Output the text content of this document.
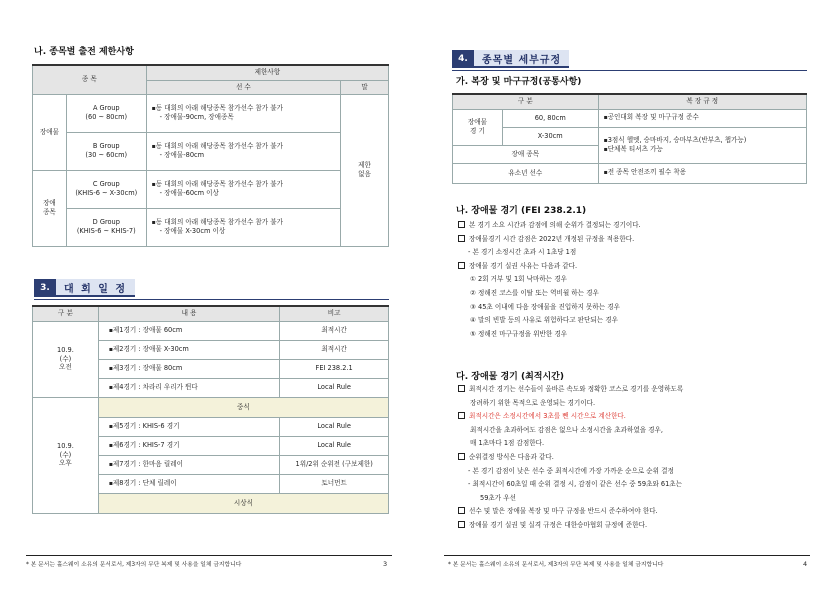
나. 종목별 출전 제한사항
종 목		제한사항	
		선 수	말
장애물	A Group
(60 ~ 80cm)	▪ 동 대회의 아래 해당종목 참가선수 참가 불가
- 장애물-90cm, 장애종목	제한
없음

	B Group
(30 ~ 60cm)	▪ 동 대회의 아래 해당종목 참가선수 참가 불가
- 장애물-80cm

장애
종목	C Group
(KHIS-6 ~ X-30cm)	▪ 동 대회의 아래 해당종목 참가선수 참가 불가
- 장애물-60cm 이상

	D Group
(KHIS-6 ~ KHIS-7)	▪ 동 대회의 아래 해당종목 참가선수 참가 불가
- 장애물 X-30cm 이상
3.	대 회 일 정
구 분	내 용	비고

10.9.
(수)
오전	▪ 제1경기 : 장애물 60cm	최적시간
	▪ 제2경기 : 장애물 X-30cm	최적시간
	▪ 제3경기 : 장애물 80cm	FEI 238.2.1
	▪ 제4경기 : 차라리 우리가 뛴다	Local Rule

10.9.
(수)
오후	중식	
	▪ 제5경기 : KHIS-6 경기	Local Rule
	▪ 제6경기 : KHIS-7 경기	Local Rule
	▪ 제7경기 : 한마음 릴레이	1위/2위 순위전 (구보제한)
	▪ 제8경기 : 단체 릴레이	토너먼트
	시상식	
* 본 문서는 홀스웨이 소유의 문서로서, 제3자의 무단 복제 및 사용을 일체 금지합니다	3
4.	종목별 세부규정
가. 복장 및 마구규정(공통사항)
구 분		복 장 규 정

장애물
경 기	60, 80cm	▪ 공인대회 복장 및 마구규정 준수
	X-30cm	▪ 3점식 헬멧, 승마바지, 승마부츠(반부츠, 챕가능)
▪ 단체복 티셔츠 가능

장애 종목		
유소년 선수		▪ 전 종목 안전조끼 필수 착용
나. 장애물 경기 (FEI 238.2.1)
본 경기 소요 시간과 감점에 의해 순위가 결정되는 경기이다.
장애물경기 시간 감점은 2022년 개정된 규정을 적용한다.
- 본 경기 소정시간 초과 시 1초당 1점
장애물 경기 실권 사유는 다음과 같다.
① 2회 거부 및 1회 낙마하는 경우
② 정해진 코스를 이탈 또는 역비월 하는 경우
③ 45초 이내에 다음 장애물을 진입하지 못하는 경우
④ 말의 빈발 등의 사유로 위험하다고 판단되는 경우
⑤ 정해진 마구규정을 위반한 경우
다. 장애물 경기 (최적시간)
최적시간 경기는 선수들이 올바른 속도와 정확한 코스로 경기를 운영하도록
장려하기 위한 목적으로 운영되는 경기이다.
최적시간은 소정시간에서 3초를 뺀 시간으로 계산한다.
최적시간을 초과하여도 감점은 없으나 소정시간을 초과하였을 경우,
매 1초마다 1점 감점한다.
순위결정 방식은 다음과 같다.
- 본 경기 감점이 낮은 선수 중 최적시간에 가장 가까운 순으로 순위 결정
- 최적시간이 60초일 때 순위 결정 시, 감점이 같은 선수 중 59초와 61초는
59초가 우선
선수 및 말은 장애물 복장 및 마구 규정을 반드시 준수하여야 한다.
장애물 경기 실권 및 실격 규정은 대한승마협회 규정에 준한다.
* 본 문서는 홀스웨이 소유의 문서로서, 제3자의 무단 복제 및 사용을 일체 금지합니다	4
